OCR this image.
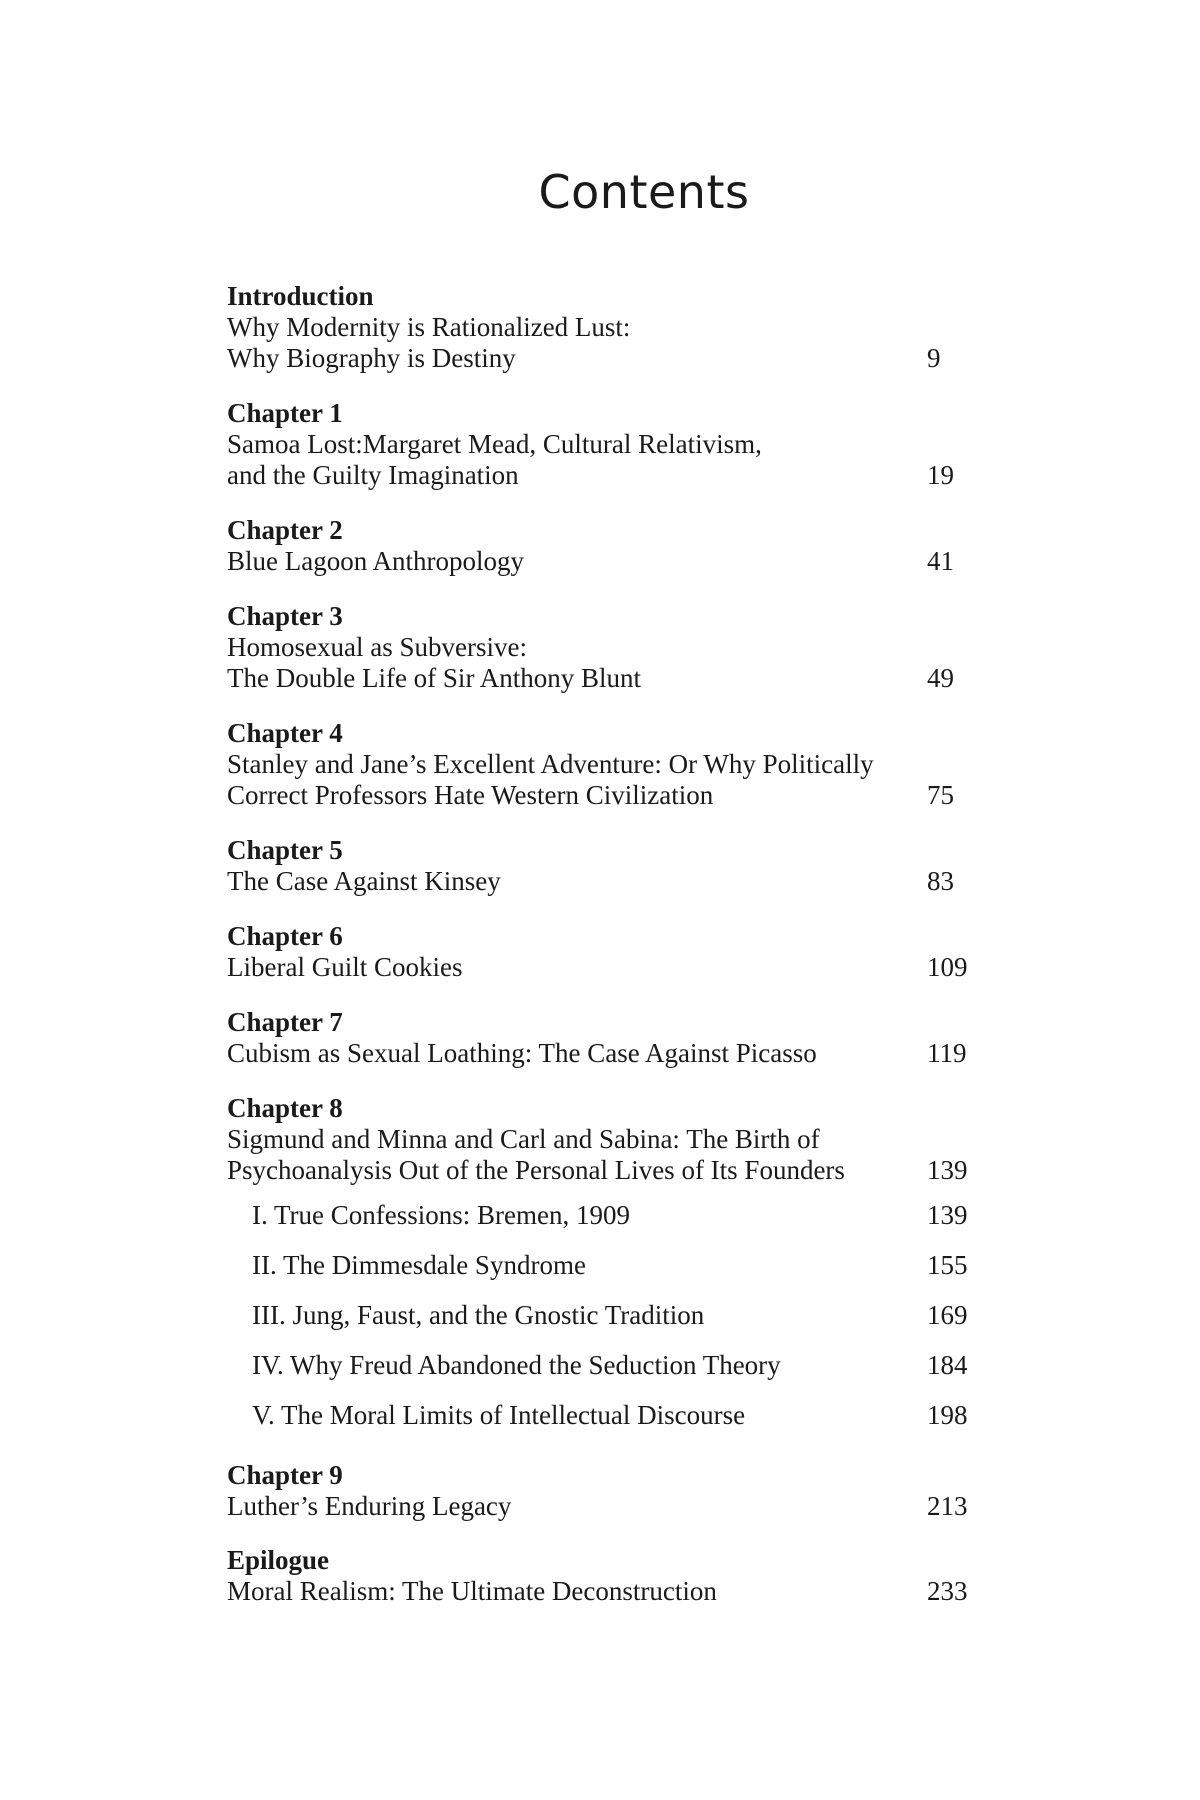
Contents
Introduction
Why Modernity is Rationalized Lust:
Why Biography is Destiny	9
Chapter 1
Samoa Lost:Margaret Mead, Cultural Relativism,
and the Guilty Imagination	19
Chapter 2
Blue Lagoon Anthropology	41
Chapter 3
Homosexual as Subversive:
The Double Life of Sir Anthony Blunt	49
Chapter 4
Stanley and Jane’s Excellent Adventure: Or Why Politically
Correct Professors Hate Western Civilization	75
Chapter 5
The Case Against Kinsey	83
Chapter 6
Liberal Guilt Cookies	109
Chapter 7
Cubism as Sexual Loathing: The Case Against Picasso	119
Chapter 8
Sigmund and Minna and Carl and Sabina: The Birth of
Psychoanalysis Out of the Personal Lives of Its Founders	139
I. True Confessions: Bremen, 1909	139
II. The Dimmesdale Syndrome	155
III. Jung, Faust, and the Gnostic Tradition	169
IV. Why Freud Abandoned the Seduction Theory	184
V. The Moral Limits of Intellectual Discourse	198
Chapter 9
Luther’s Enduring Legacy	213
Epilogue
Moral Realism: The Ultimate Deconstruction	233
